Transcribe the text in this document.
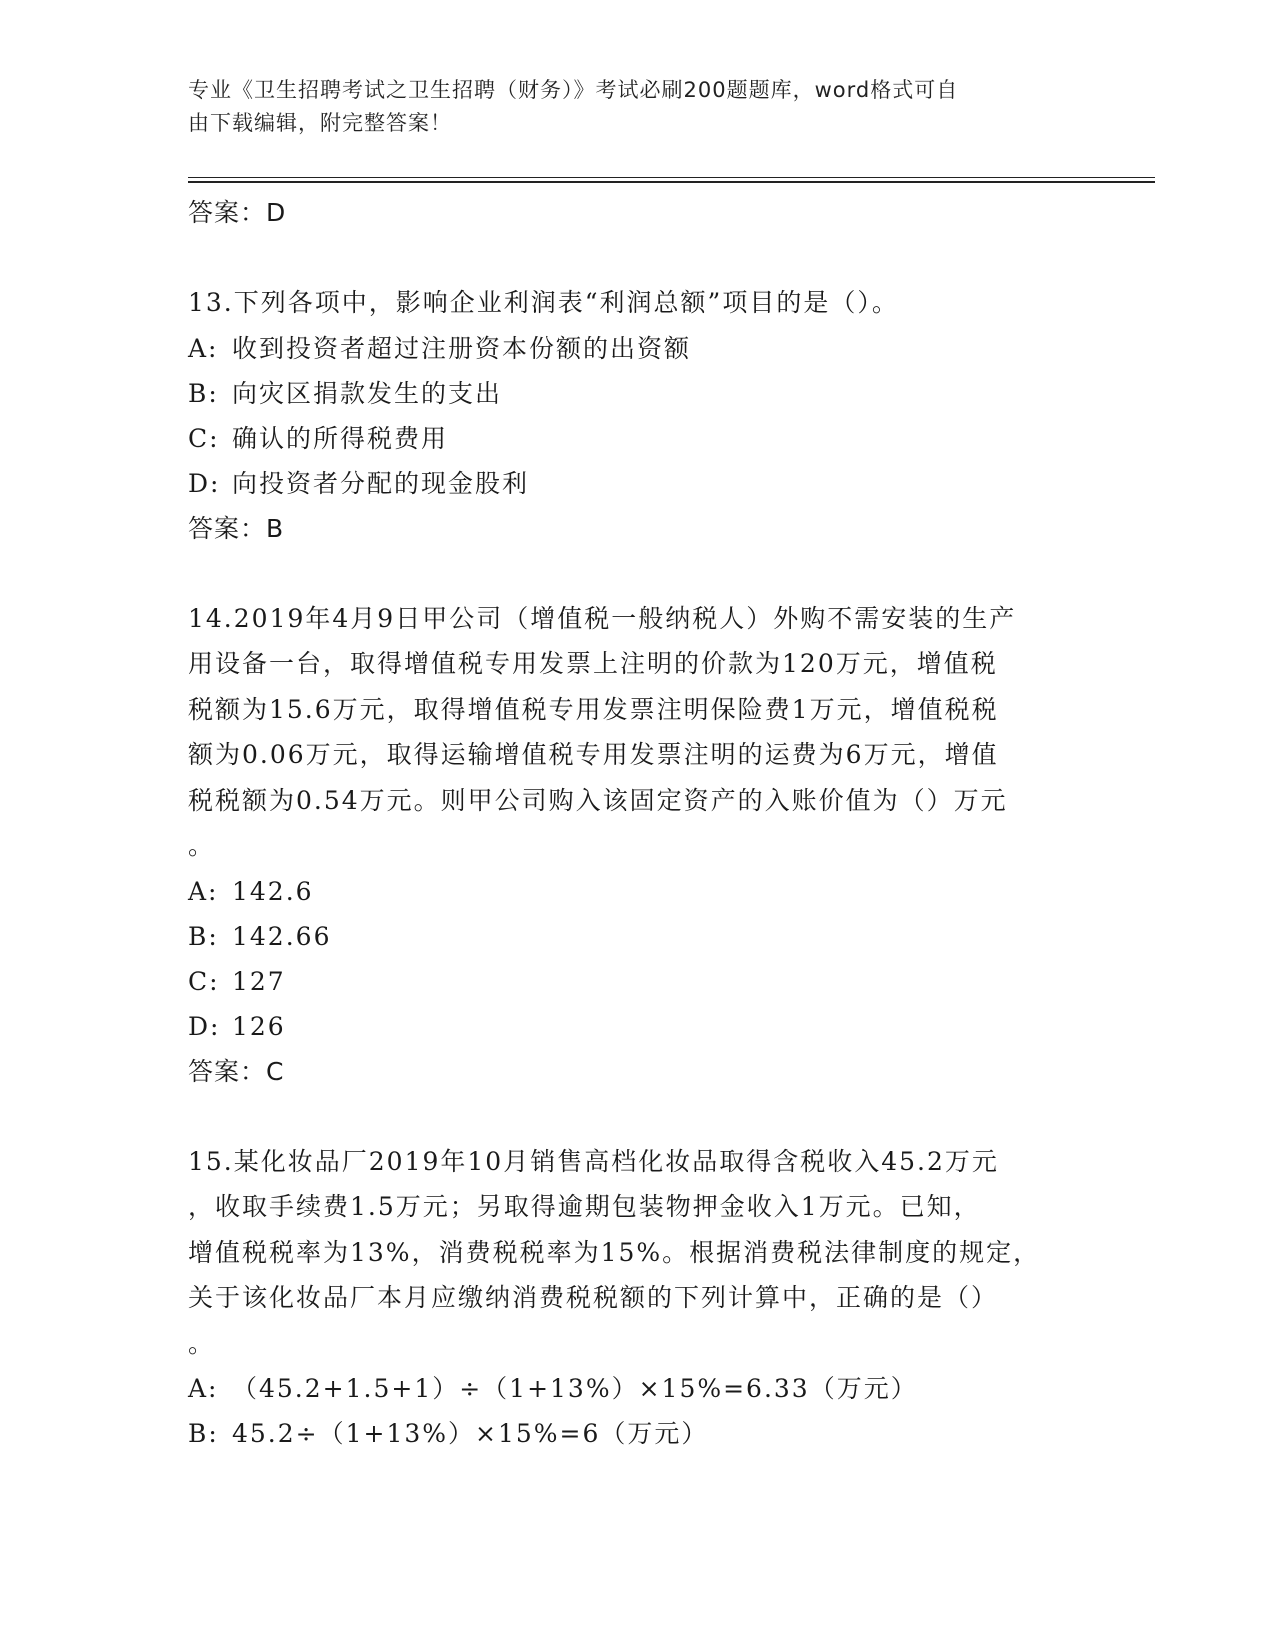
专业《卫生招聘考试之卫生招聘（财务）》考试必刷200题题库，word格式可自
由下载编辑，附完整答案！
答案：D
13.下列各项中，影响企业利润表“利润总额”项目的是（）。
A: 收到投资者超过注册资本份额的出资额
B: 向灾区捐款发生的支出
C: 确认的所得税费用
D: 向投资者分配的现金股利
答案：B
14.2019年4月9日甲公司（增值税一般纳税人）外购不需安装的生产
用设备一台，取得增值税专用发票上注明的价款为120万元，增值税
税额为15.6万元，取得增值税专用发票注明保险费1万元，增值税税
额为0.06万元，取得运输增值税专用发票注明的运费为6万元，增值
税税额为0.54万元。则甲公司购入该固定资产的入账价值为（）万元
。
A: 142.6
B: 142.66
C: 127
D: 126
答案：C
15.某化妆品厂2019年10月销售高档化妆品取得含税收入45.2万元
，收取手续费1.5万元；另取得逾期包装物押金收入1万元。已知，
增值税税率为13%，消费税税率为15%。根据消费税法律制度的规定，
关于该化妆品厂本月应缴纳消费税税额的下列计算中，正确的是（）
。
A: （45.2+1.5+1）÷（1+13%）×15%=6.33（万元）
B: 45.2÷（1+13%）×15%=6（万元）
